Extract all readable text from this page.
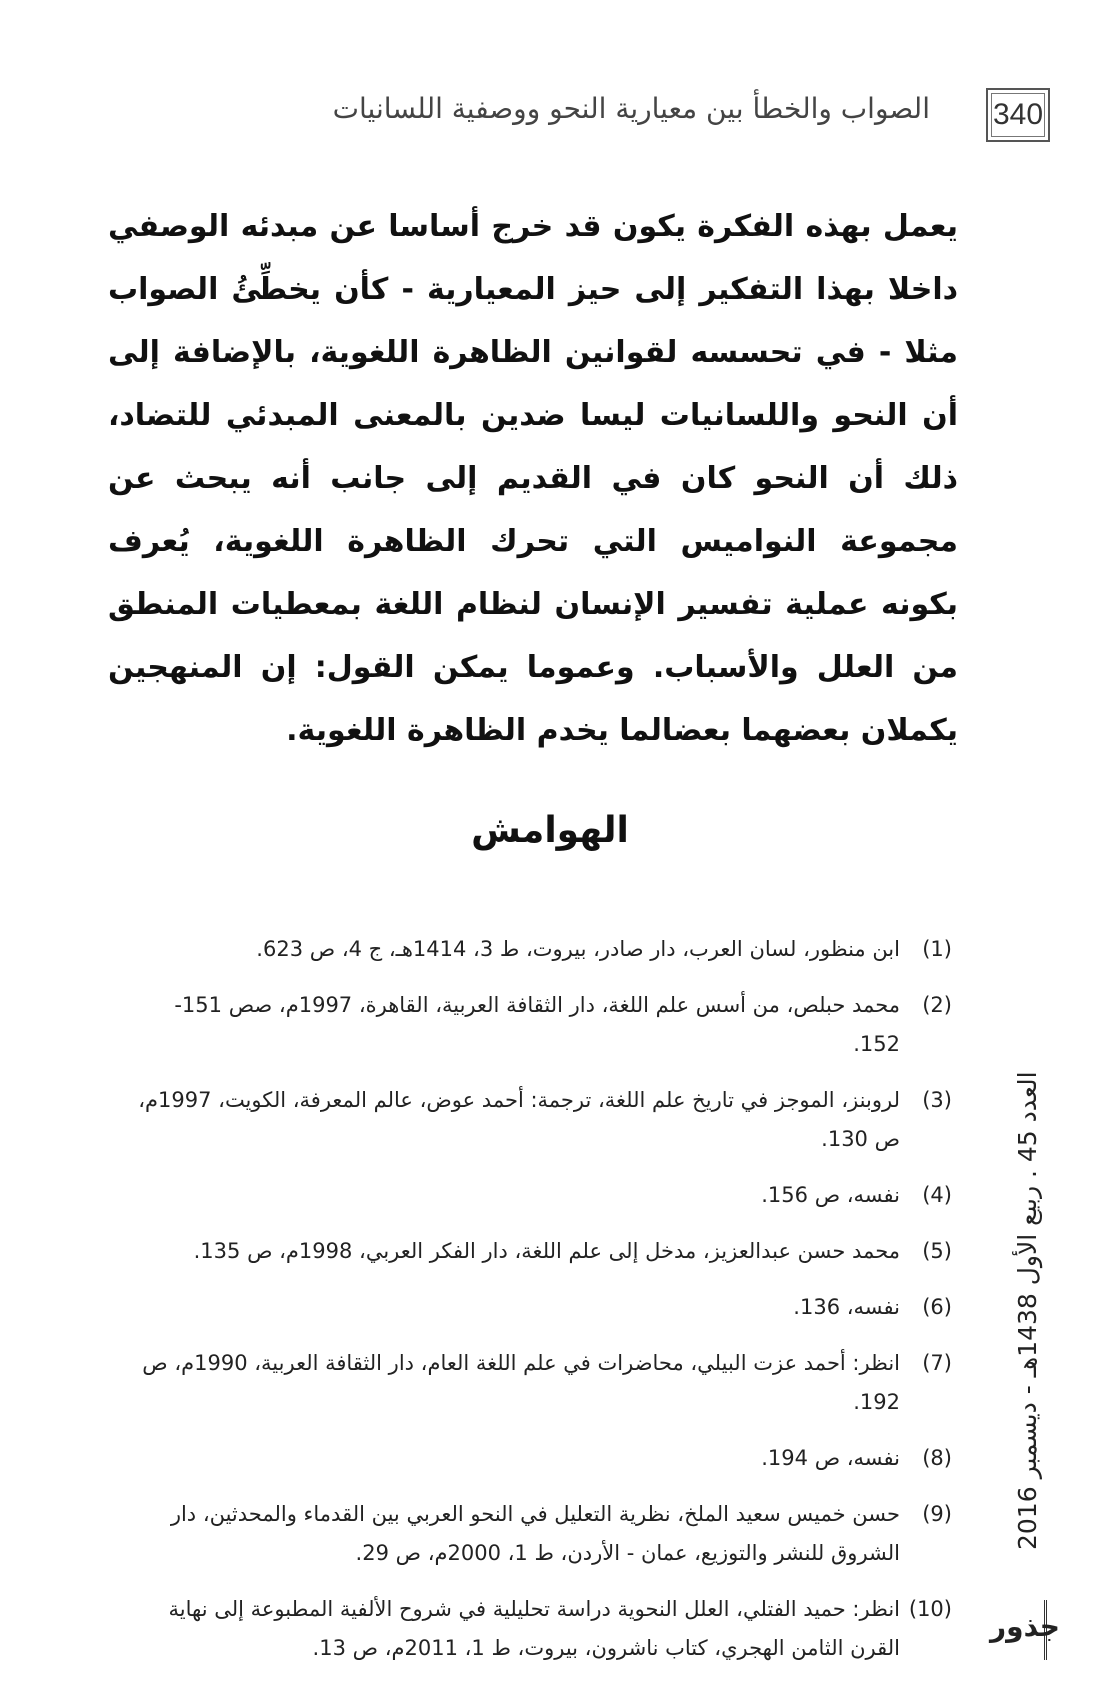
340
الصواب والخطأ بين معيارية النحو ووصفية اللسانيات
يعمل بهذه الفكرة يكون قد خرج أساسا عن مبدئه الوصفي داخلا بهذا التفكير إلى حيز المعيارية - كأن يخطِّئُ الصواب مثلا - في تحسسه لقوانين الظاهرة اللغوية، بالإضافة إلى أن النحو واللسانيات ليسا ضدين بالمعنى المبدئي للتضاد، ذلك أن النحو كان في القديم إلى جانب أنه يبحث عن مجموعة النواميس التي تحرك الظاهرة اللغوية، يُعرف بكونه عملية تفسير الإنسان لنظام اللغة بمعطيات المنطق من العلل والأسباب. وعموما يمكن القول: إن المنهجين يكملان بعضهما بعضالما يخدم الظاهرة اللغوية.
الهوامش
(1)
ابن منظور، لسان العرب، دار صادر، بيروت، ط 3، 1414هـ، ج 4، ص 623.
(2)
محمد حبلص، من أسس علم اللغة، دار الثقافة العربية، القاهرة، 1997م، صص 151-152.
(3)
لروبنز، الموجز في تاريخ علم اللغة، ترجمة: أحمد عوض، عالم المعرفة، الكويت، 1997م، ص 130.
(4)
نفسه، ص 156.
(5)
محمد حسن عبدالعزيز، مدخل إلى علم اللغة، دار الفكر العربي، 1998م، ص 135.
(6)
نفسه، 136.
(7)
انظر: أحمد عزت البيلي، محاضرات في علم اللغة العام، دار الثقافة العربية، 1990م، ص 192.
(8)
نفسه، ص 194.
(9)
حسن خميس سعيد الملخ، نظرية التعليل في النحو العربي بين القدماء والمحدثين، دار الشروق للنشر والتوزيع، عمان - الأردن، ط 1، 2000م، ص 29.
(10)
انظر: حميد الفتلي، العلل النحوية دراسة تحليلية في شروح الألفية المطبوعة إلى نهاية القرن الثامن الهجري، كتاب ناشرون، بيروت، ط 1، 2011م، ص 13.
العدد 45 . ربيع الأول 1438هـ - ديسمبر 2016
جذور
